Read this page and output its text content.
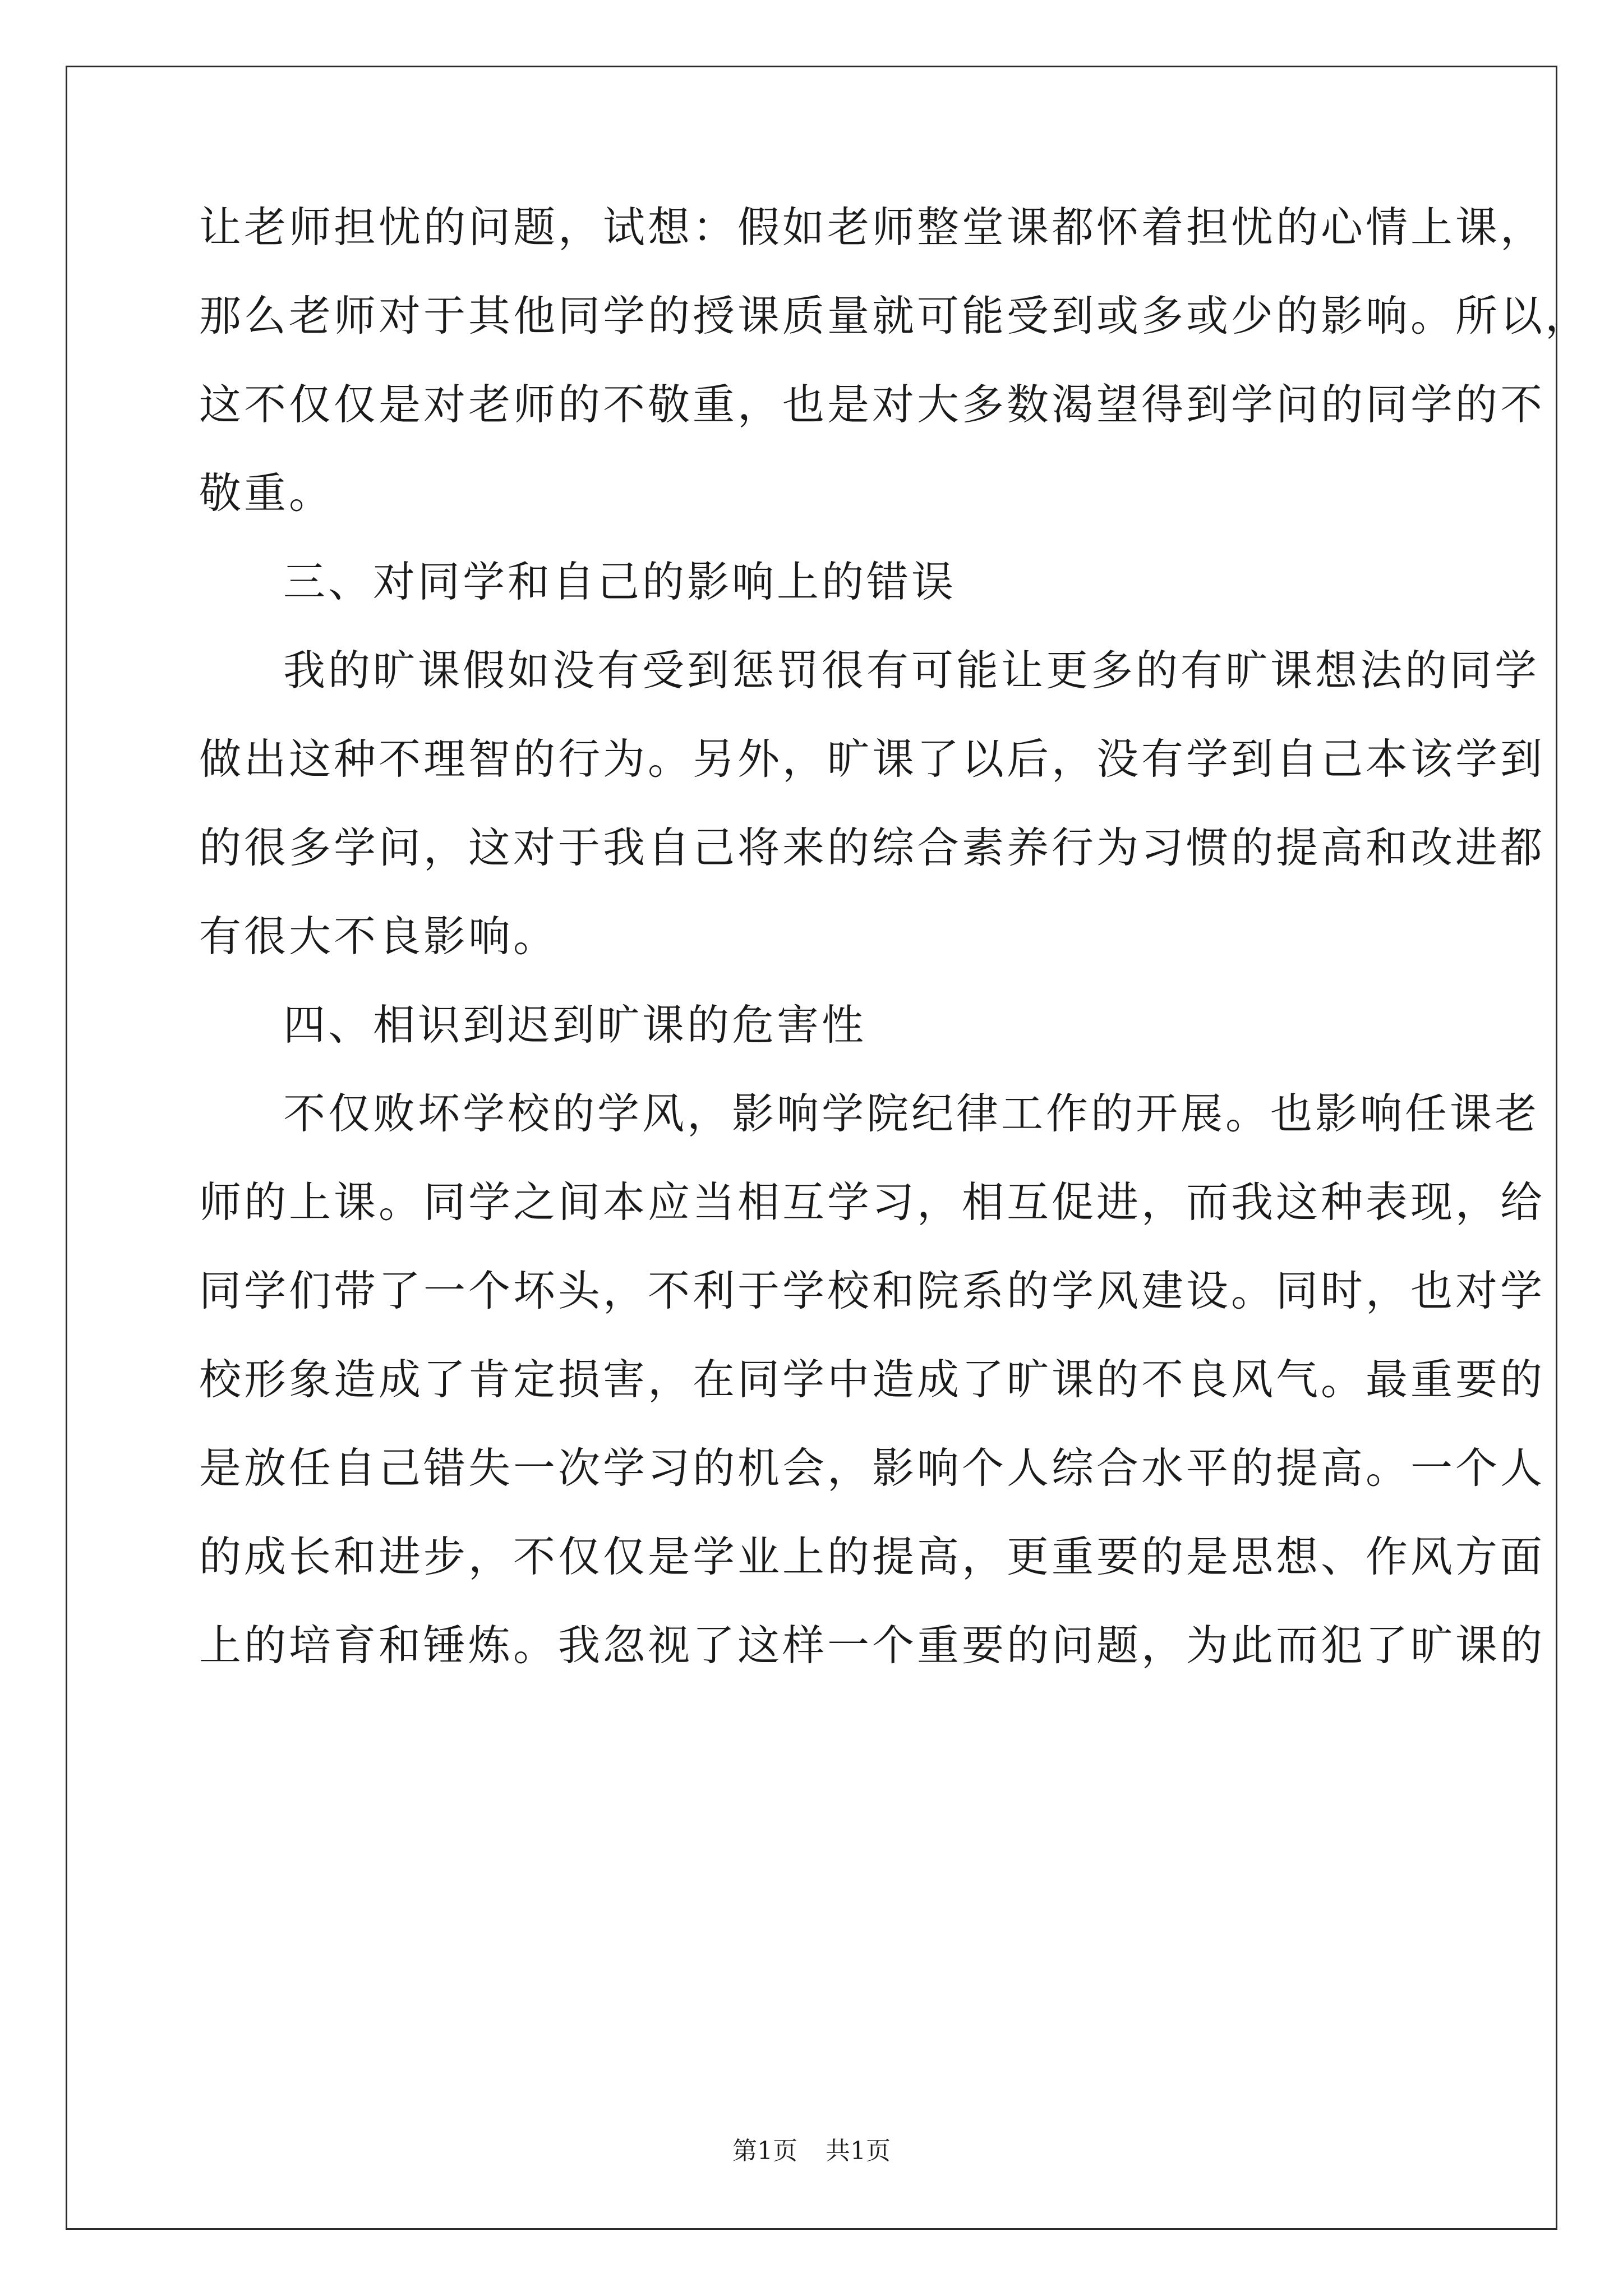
让老师担忧的问题，试想：假如老师整堂课都怀着担忧的心情上课，
那么老师对于其他同学的授课质量就可能受到或多或少的影响。所以，
这不仅仅是对老师的不敬重，也是对大多数渴望得到学问的同学的不
敬重。
三、对同学和自己的影响上的错误
我的旷课假如没有受到惩罚很有可能让更多的有旷课想法的同学
做出这种不理智的行为。另外，旷课了以后，没有学到自己本该学到
的很多学问，这对于我自己将来的综合素养行为习惯的提高和改进都
有很大不良影响。
四、相识到迟到旷课的危害性
不仅败坏学校的学风，影响学院纪律工作的开展。也影响任课老
师的上课。同学之间本应当相互学习，相互促进，而我这种表现，给
同学们带了一个坏头，不利于学校和院系的学风建设。同时，也对学
校形象造成了肯定损害，在同学中造成了旷课的不良风气。最重要的
是放任自己错失一次学习的机会，影响个人综合水平的提高。一个人
的成长和进步，不仅仅是学业上的提高，更重要的是思想、作风方面
上的培育和锤炼。我忽视了这样一个重要的问题，为此而犯了旷课的
第1页 共1页
